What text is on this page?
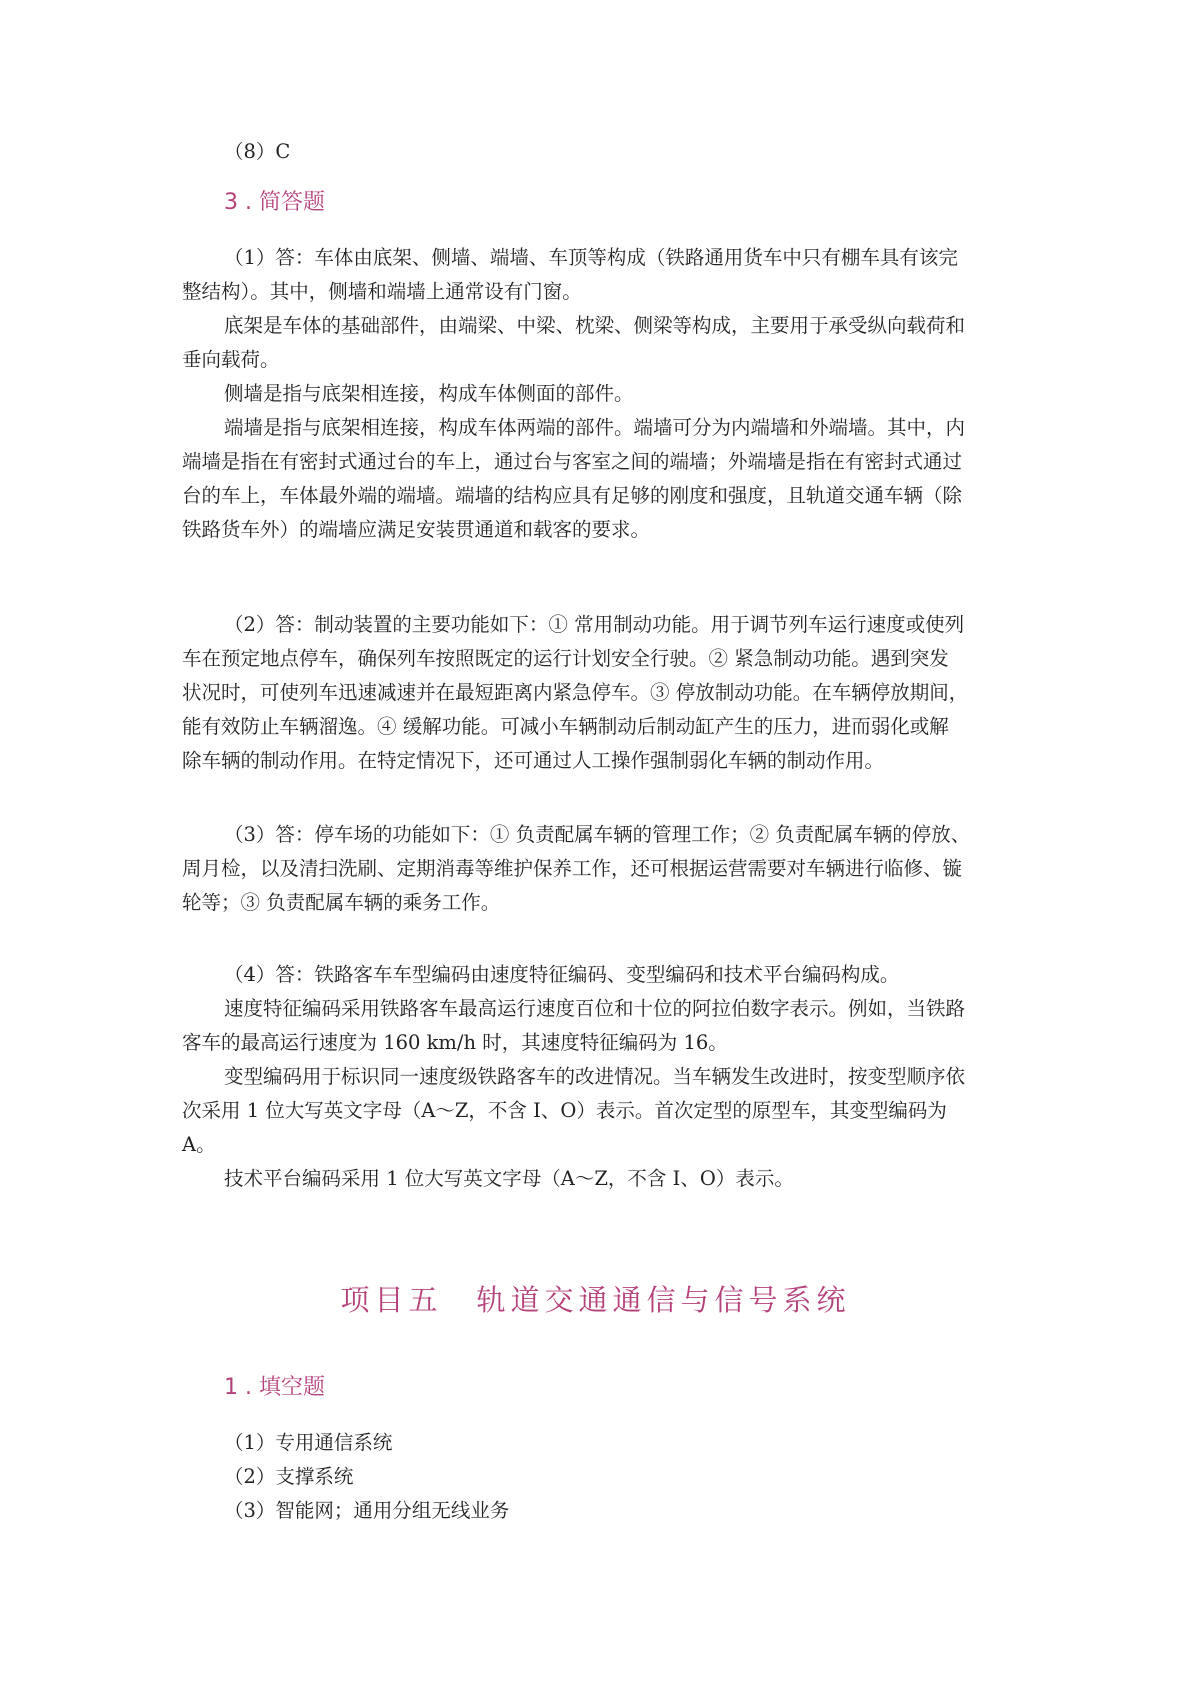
（8）C
3 . 简答题
（1）答：车体由底架、侧墙、端墙、车顶等构成（铁路通用货车中只有棚车具有该完
整结构）。其中，侧墙和端墙上通常设有门窗。
底架是车体的基础部件，由端梁、中梁、枕梁、侧梁等构成，主要用于承受纵向载荷和
垂向载荷。
侧墙是指与底架相连接，构成车体侧面的部件。
端墙是指与底架相连接，构成车体两端的部件。端墙可分为内端墙和外端墙。其中，内
端墙是指在有密封式通过台的车上，通过台与客室之间的端墙；外端墙是指在有密封式通过
台的车上，车体最外端的端墙。端墙的结构应具有足够的刚度和强度，且轨道交通车辆（除
铁路货车外）的端墙应满足安装贯通道和载客的要求。
（2）答：制动装置的主要功能如下：① 常用制动功能。用于调节列车运行速度或使列
车在预定地点停车，确保列车按照既定的运行计划安全行驶。② 紧急制动功能。遇到突发
状况时，可使列车迅速减速并在最短距离内紧急停车。③ 停放制动功能。在车辆停放期间，
能有效防止车辆溜逸。④ 缓解功能。可减小车辆制动后制动缸产生的压力，进而弱化或解
除车辆的制动作用。在特定情况下，还可通过人工操作强制弱化车辆的制动作用。
（3）答：停车场的功能如下：① 负责配属车辆的管理工作；② 负责配属车辆的停放、
周月检，以及清扫洗刷、定期消毒等维护保养工作，还可根据运营需要对车辆进行临修、镟
轮等；③ 负责配属车辆的乘务工作。
（4）答：铁路客车车型编码由速度特征编码、变型编码和技术平台编码构成。
速度特征编码采用铁路客车最高运行速度百位和十位的阿拉伯数字表示。例如，当铁路
客车的最高运行速度为 160 km/h 时，其速度特征编码为 16。
变型编码用于标识同一速度级铁路客车的改进情况。当车辆发生改进时，按变型顺序依
次采用 1 位大写英文字母（A～Z，不含 I、O）表示。首次定型的原型车，其变型编码为
A。
技术平台编码采用 1 位大写英文字母（A～Z，不含 I、O）表示。
项目五　轨道交通通信与信号系统
1 . 填空题
（1）专用通信系统
（2）支撑系统
（3）智能网；通用分组无线业务
